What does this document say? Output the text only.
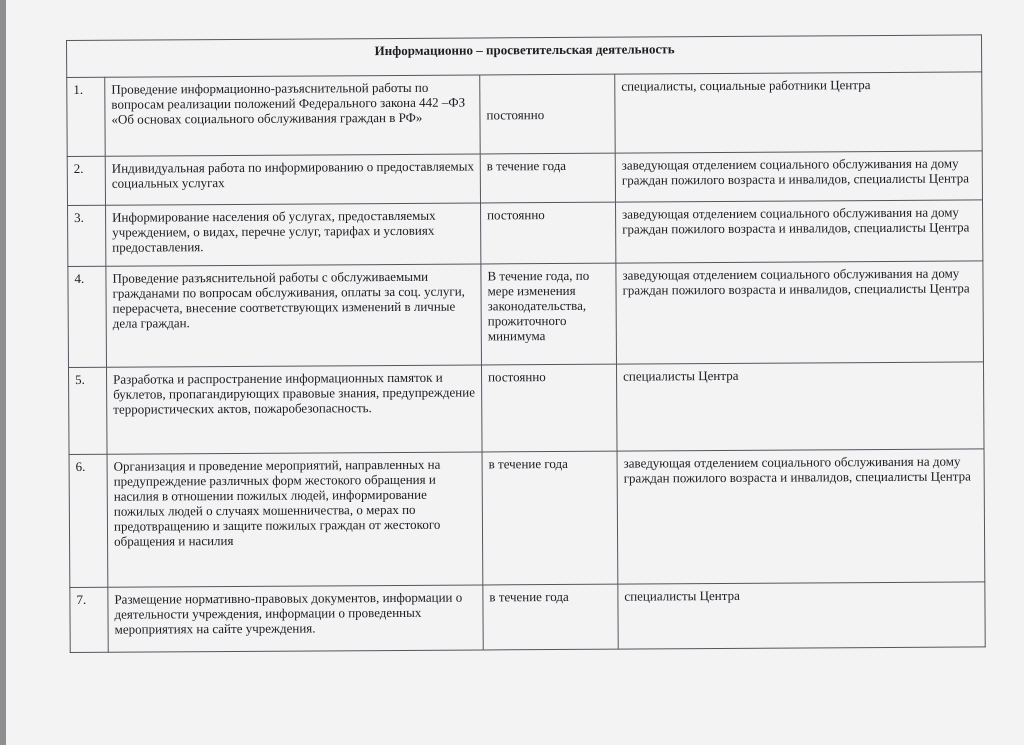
Информационно – просветительская деятельность			
1.	Проведение информационно-разъяснительной работы по вопросам реализации положений Федерального закона 442 –ФЗ «Об основах социального обслуживания граждан в РФ»	постоянно	специалисты, социальные работники Центра
2.	Индивидуальная работа по информированию о предоставляемых социальных услугах	в течение года	заведующая отделением социального обслуживания на дому граждан пожилого возраста и инвалидов, специалисты Центра
3.	Информирование населения об услугах, предоставляемых учреждением, о видах, перечне услуг, тарифах и условиях предоставления.	постоянно	заведующая отделением социального обслуживания на дому граждан пожилого возраста и инвалидов, специалисты Центра
4.	Проведение разъяснительной работы с обслуживаемыми гражданами по вопросам обслуживания, оплаты за соц. услуги, перерасчета, внесение соответствующих изменений в личные дела граждан.	В течение года, по мере изменения законодательства, прожиточного минимума	заведующая отделением социального обслуживания на дому граждан пожилого возраста и инвалидов, специалисты Центра
5.	Разработка и распространение информационных памяток и буклетов, пропагандирующих правовые знания, предупреждение террористических актов, пожаробезопасность.	постоянно	специалисты Центра
6.	Организация и проведение мероприятий, направленных на предупреждение различных форм жестокого обращения и насилия в отношении пожилых людей, информирование пожилых людей о случаях мошенничества, о мерах по предотвращению и защите пожилых граждан от жестокого обращения и насилия	в течение года	заведующая отделением социального обслуживания на дому граждан пожилого возраста и инвалидов, специалисты Центра
7.	Размещение нормативно-правовых документов, информации о деятельности учреждения, информации о проведенных мероприятиях на сайте учреждения.	в течение года	специалисты Центра
